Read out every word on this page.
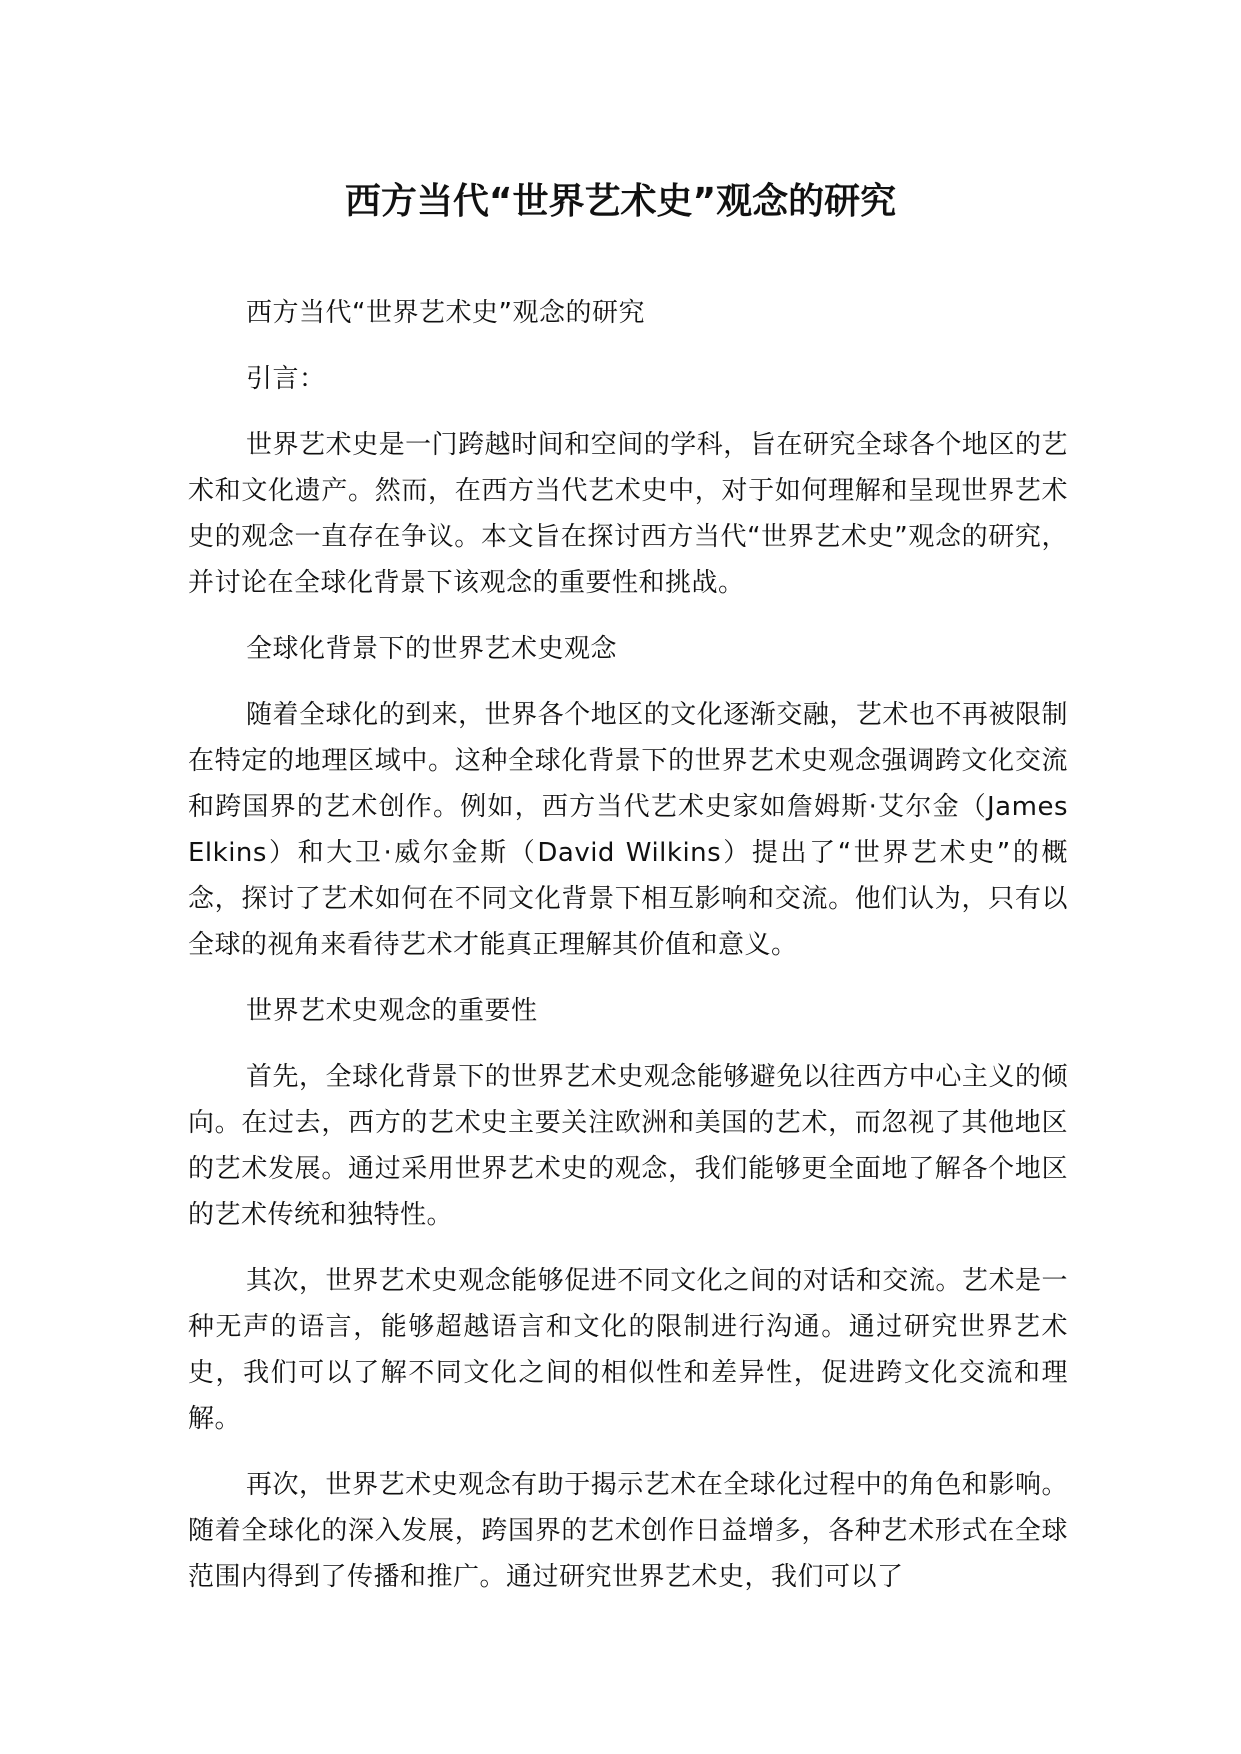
西方当代“世界艺术史”观念的研究

西方当代“世界艺术史”观念的研究

引言：

世界艺术史是一门跨越时间和空间的学科，旨在研究全球各个地区的艺术和文化遗产。然而，在西方当代艺术史中，对于如何理解和呈现世界艺术史的观念一直存在争议。本文旨在探讨西方当代“世界艺术史”观念的研究，并讨论在全球化背景下该观念的重要性和挑战。

全球化背景下的世界艺术史观念

随着全球化的到来，世界各个地区的文化逐渐交融，艺术也不再被限制在特定的地理区域中。这种全球化背景下的世界艺术史观念强调跨文化交流和跨国界的艺术创作。例如，西方当代艺术史家如詹姆斯·艾尔金（James Elkins）和大卫·威尔金斯（David Wilkins）提出了“世界艺术史”的概念，探讨了艺术如何在不同文化背景下相互影响和交流。他们认为，只有以全球的视角来看待艺术才能真正理解其价值和意义。

世界艺术史观念的重要性

首先，全球化背景下的世界艺术史观念能够避免以往西方中心主义的倾向。在过去，西方的艺术史主要关注欧洲和美国的艺术，而忽视了其他地区的艺术发展。通过采用世界艺术史的观念，我们能够更全面地了解各个地区的艺术传统和独特性。

其次，世界艺术史观念能够促进不同文化之间的对话和交流。艺术是一种无声的语言，能够超越语言和文化的限制进行沟通。通过研究世界艺术史，我们可以了解不同文化之间的相似性和差异性，促进跨文化交流和理解。

再次，世界艺术史观念有助于揭示艺术在全球化过程中的角色和影响。随着全球化的深入发展，跨国界的艺术创作日益增多，各种艺术形式在全球范围内得到了传播和推广。通过研究世界艺术史，我们可以了
